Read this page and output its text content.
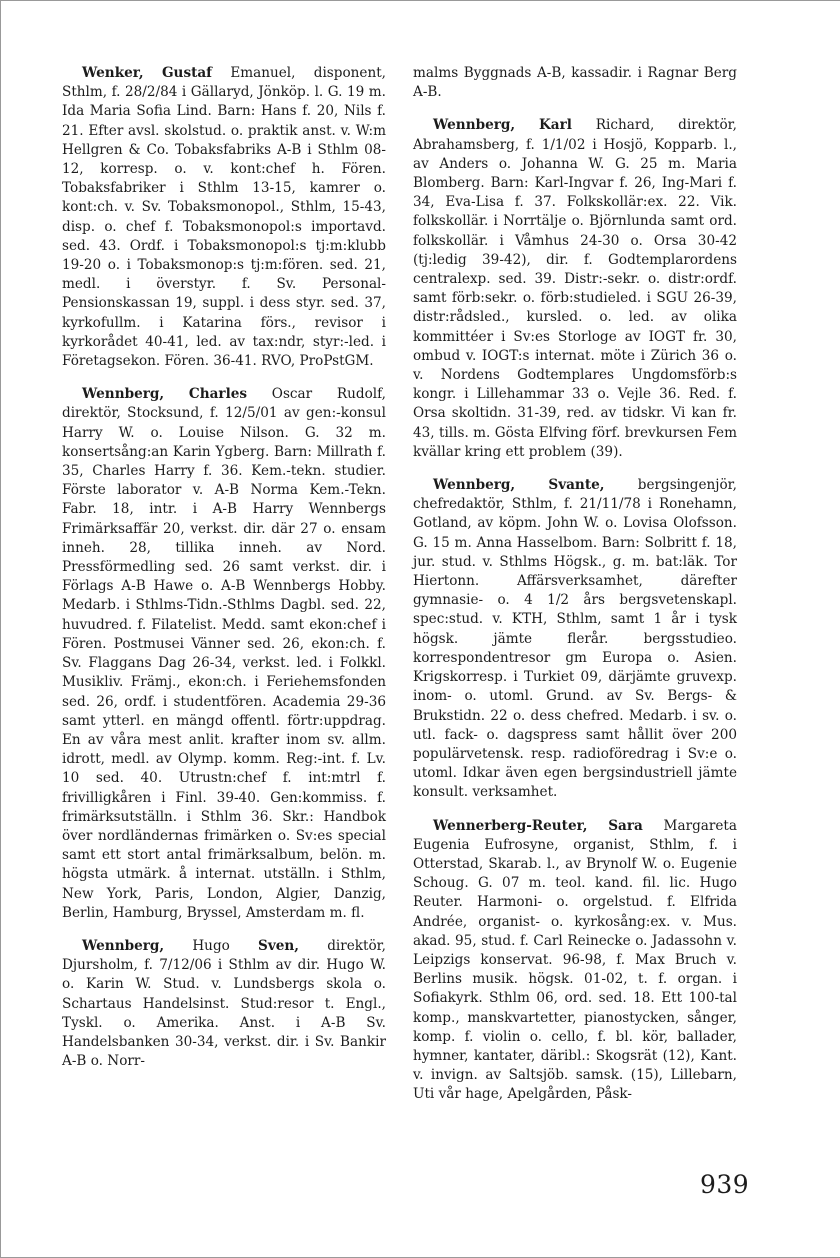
Wenker, Gustaf Emanuel, disponent, Sthlm, f. 28/2/84 i Gällaryd, Jönköp. l. G. 19 m. Ida Maria Sofia Lind. Barn: Hans f. 20, Nils f. 21. Efter avsl. skolstud. o. praktik anst. v. W:m Hellgren & Co. Tobaksfabriks A-B i Sthlm 08-12, korresp. o. v. kont:chef h. Fören. Tobaksfabriker i Sthlm 13-15, kamrer o. kont:ch. v. Sv. Tobaksmonopol., Sthlm, 15-43, disp. o. chef f. Tobaksmonopol:s importavd. sed. 43. Ordf. i Tobaksmonopol:s tj:m:klubb 19-20 o. i Tobaksmonop:s tj:m:fören. sed. 21, medl. i överstyr. f. Sv. Personal-Pensionskassan 19, suppl. i dess styr. sed. 37, kyrkofullm. i Katarina förs., revisor i kyrkorådet 40-41, led. av tax:ndr, styr:-led. i Företagsekon. Fören. 36-41. RVO, ProPstGM.

Wennberg, Charles Oscar Rudolf, direktör, Stocksund, f. 12/5/01 av gen:-konsul Harry W. o. Louise Nilson. G. 32 m. konsertsång:an Karin Ygberg. Barn: Millrath f. 35, Charles Harry f. 36. Kem.-tekn. studier. Förste laborator v. A-B Norma Kem.-Tekn. Fabr. 18, intr. i A-B Harry Wennbergs Frimärksaffär 20, verkst. dir. där 27 o. ensam inneh. 28, tillika inneh. av Nord. Pressförmedling sed. 26 samt verkst. dir. i Förlags A-B Hawe o. A-B Wennbergs Hobby. Medarb. i Sthlms-Tidn.-Sthlms Dagbl. sed. 22, huvudred. f. Filatelist. Medd. samt ekon:chef i Fören. Postmusei Vänner sed. 26, ekon:ch. f. Sv. Flaggans Dag 26-34, verkst. led. i Folkkl. Musikliv. Främj., ekon:ch. i Feriehemsfonden sed. 26, ordf. i studentfören. Academia 29-36 samt ytterl. en mängd offentl. förtr:uppdrag. En av våra mest anlit. krafter inom sv. allm. idrott, medl. av Olymp. komm. Reg:-int. f. Lv. 10 sed. 40. Utrustn:chef f. int:mtrl f. frivilligkåren i Finl. 39-40. Gen:kommiss. f. frimärksutställn. i Sthlm 36. Skr.: Handbok över nordländernas frimärken o. Sv:es special samt ett stort antal frimärksalbum, belön. m. högsta utmärk. å internat. utställn. i Sthlm, New York, Paris, London, Algier, Danzig, Berlin, Hamburg, Bryssel, Amsterdam m. fl.

Wennberg, Hugo Sven, direktör, Djursholm, f. 7/12/06 i Sthlm av dir. Hugo W. o. Karin W. Stud. v. Lundsbergs skola o. Schartaus Handelsinst. Stud:resor t. Engl., Tyskl. o. Amerika. Anst. i A-B Sv. Handelsbanken 30-34, verkst. dir. i Sv. Bankir A-B o. Norr-

malms Byggnads A-B, kassadir. i Ragnar Berg A-B.

Wennberg, Karl Richard, direktör, Abrahamsberg, f. 1/1/02 i Hosjö, Kopparb. l., av Anders o. Johanna W. G. 25 m. Maria Blomberg. Barn: Karl-Ingvar f. 26, Ing-Mari f. 34, Eva-Lisa f. 37. Folkskollär:ex. 22. Vik. folkskollär. i Norrtälje o. Björnlunda samt ord. folkskollär. i Våmhus 24-30 o. Orsa 30-42 (tj:ledig 39-42), dir. f. Godtemplarordens centralexp. sed. 39. Distr:-sekr. o. distr:ordf. samt förb:sekr. o. förb:studieled. i SGU 26-39, distr:rådsled., kursled. o. led. av olika kommittéer i Sv:es Storloge av IOGT fr. 30, ombud v. IOGT:s internat. möte i Zürich 36 o. v. Nordens Godtemplares Ungdomsförb:s kongr. i Lillehammar 33 o. Vejle 36. Red. f. Orsa skoltidn. 31-39, red. av tidskr. Vi kan fr. 43, tills. m. Gösta Elfving förf. brevkursen Fem kvällar kring ett problem (39).

Wennberg, Svante, bergsingenjör, chefredaktör, Sthlm, f. 21/11/78 i Ronehamn, Gotland, av köpm. John W. o. Lovisa Olofsson. G. 15 m. Anna Hasselbom. Barn: Solbritt f. 18, jur. stud. v. Sthlms Högsk., g. m. bat:läk. Tor Hiertonn. Affärsverksamhet, därefter gymnasie- o. 4 1/2 års bergsvetenskapl. spec:stud. v. KTH, Sthlm, samt 1 år i tysk högsk. jämte flerår. bergsstudieo. korrespondentresor gm Europa o. Asien. Krigskorresp. i Turkiet 09, därjämte gruvexp. inom- o. utoml. Grund. av Sv. Bergs- & Brukstidn. 22 o. dess chefred. Medarb. i sv. o. utl. fack- o. dagspress samt hållit över 200 populärvetensk. resp. radioföredrag i Sv:e o. utoml. Idkar även egen bergsindustriell jämte konsult. verksamhet.

Wennerberg-Reuter, Sara Margareta Eugenia Eufrosyne, organist, Sthlm, f. i Otterstad, Skarab. l., av Brynolf W. o. Eugenie Schoug. G. 07 m. teol. kand. fil. lic. Hugo Reuter. Harmoni- o. orgelstud. f. Elfrida Andrée, organist- o. kyrkosång:ex. v. Mus. akad. 95, stud. f. Carl Reinecke o. Jadassohn v. Leipzigs konservat. 96-98, f. Max Bruch v. Berlins musik. högsk. 01-02, t. f. organ. i Sofiakyrk. Sthlm 06, ord. sed. 18. Ett 100-tal komp., manskvartetter, pianostycken, sånger, komp. f. violin o. cello, f. bl. kör, ballader, hymner, kantater, däribl.: Skogsrät (12), Kant. v. invign. av Saltsjöb. samsk. (15), Lillebarn, Uti vår hage, Apelgården, Påsk-

939
